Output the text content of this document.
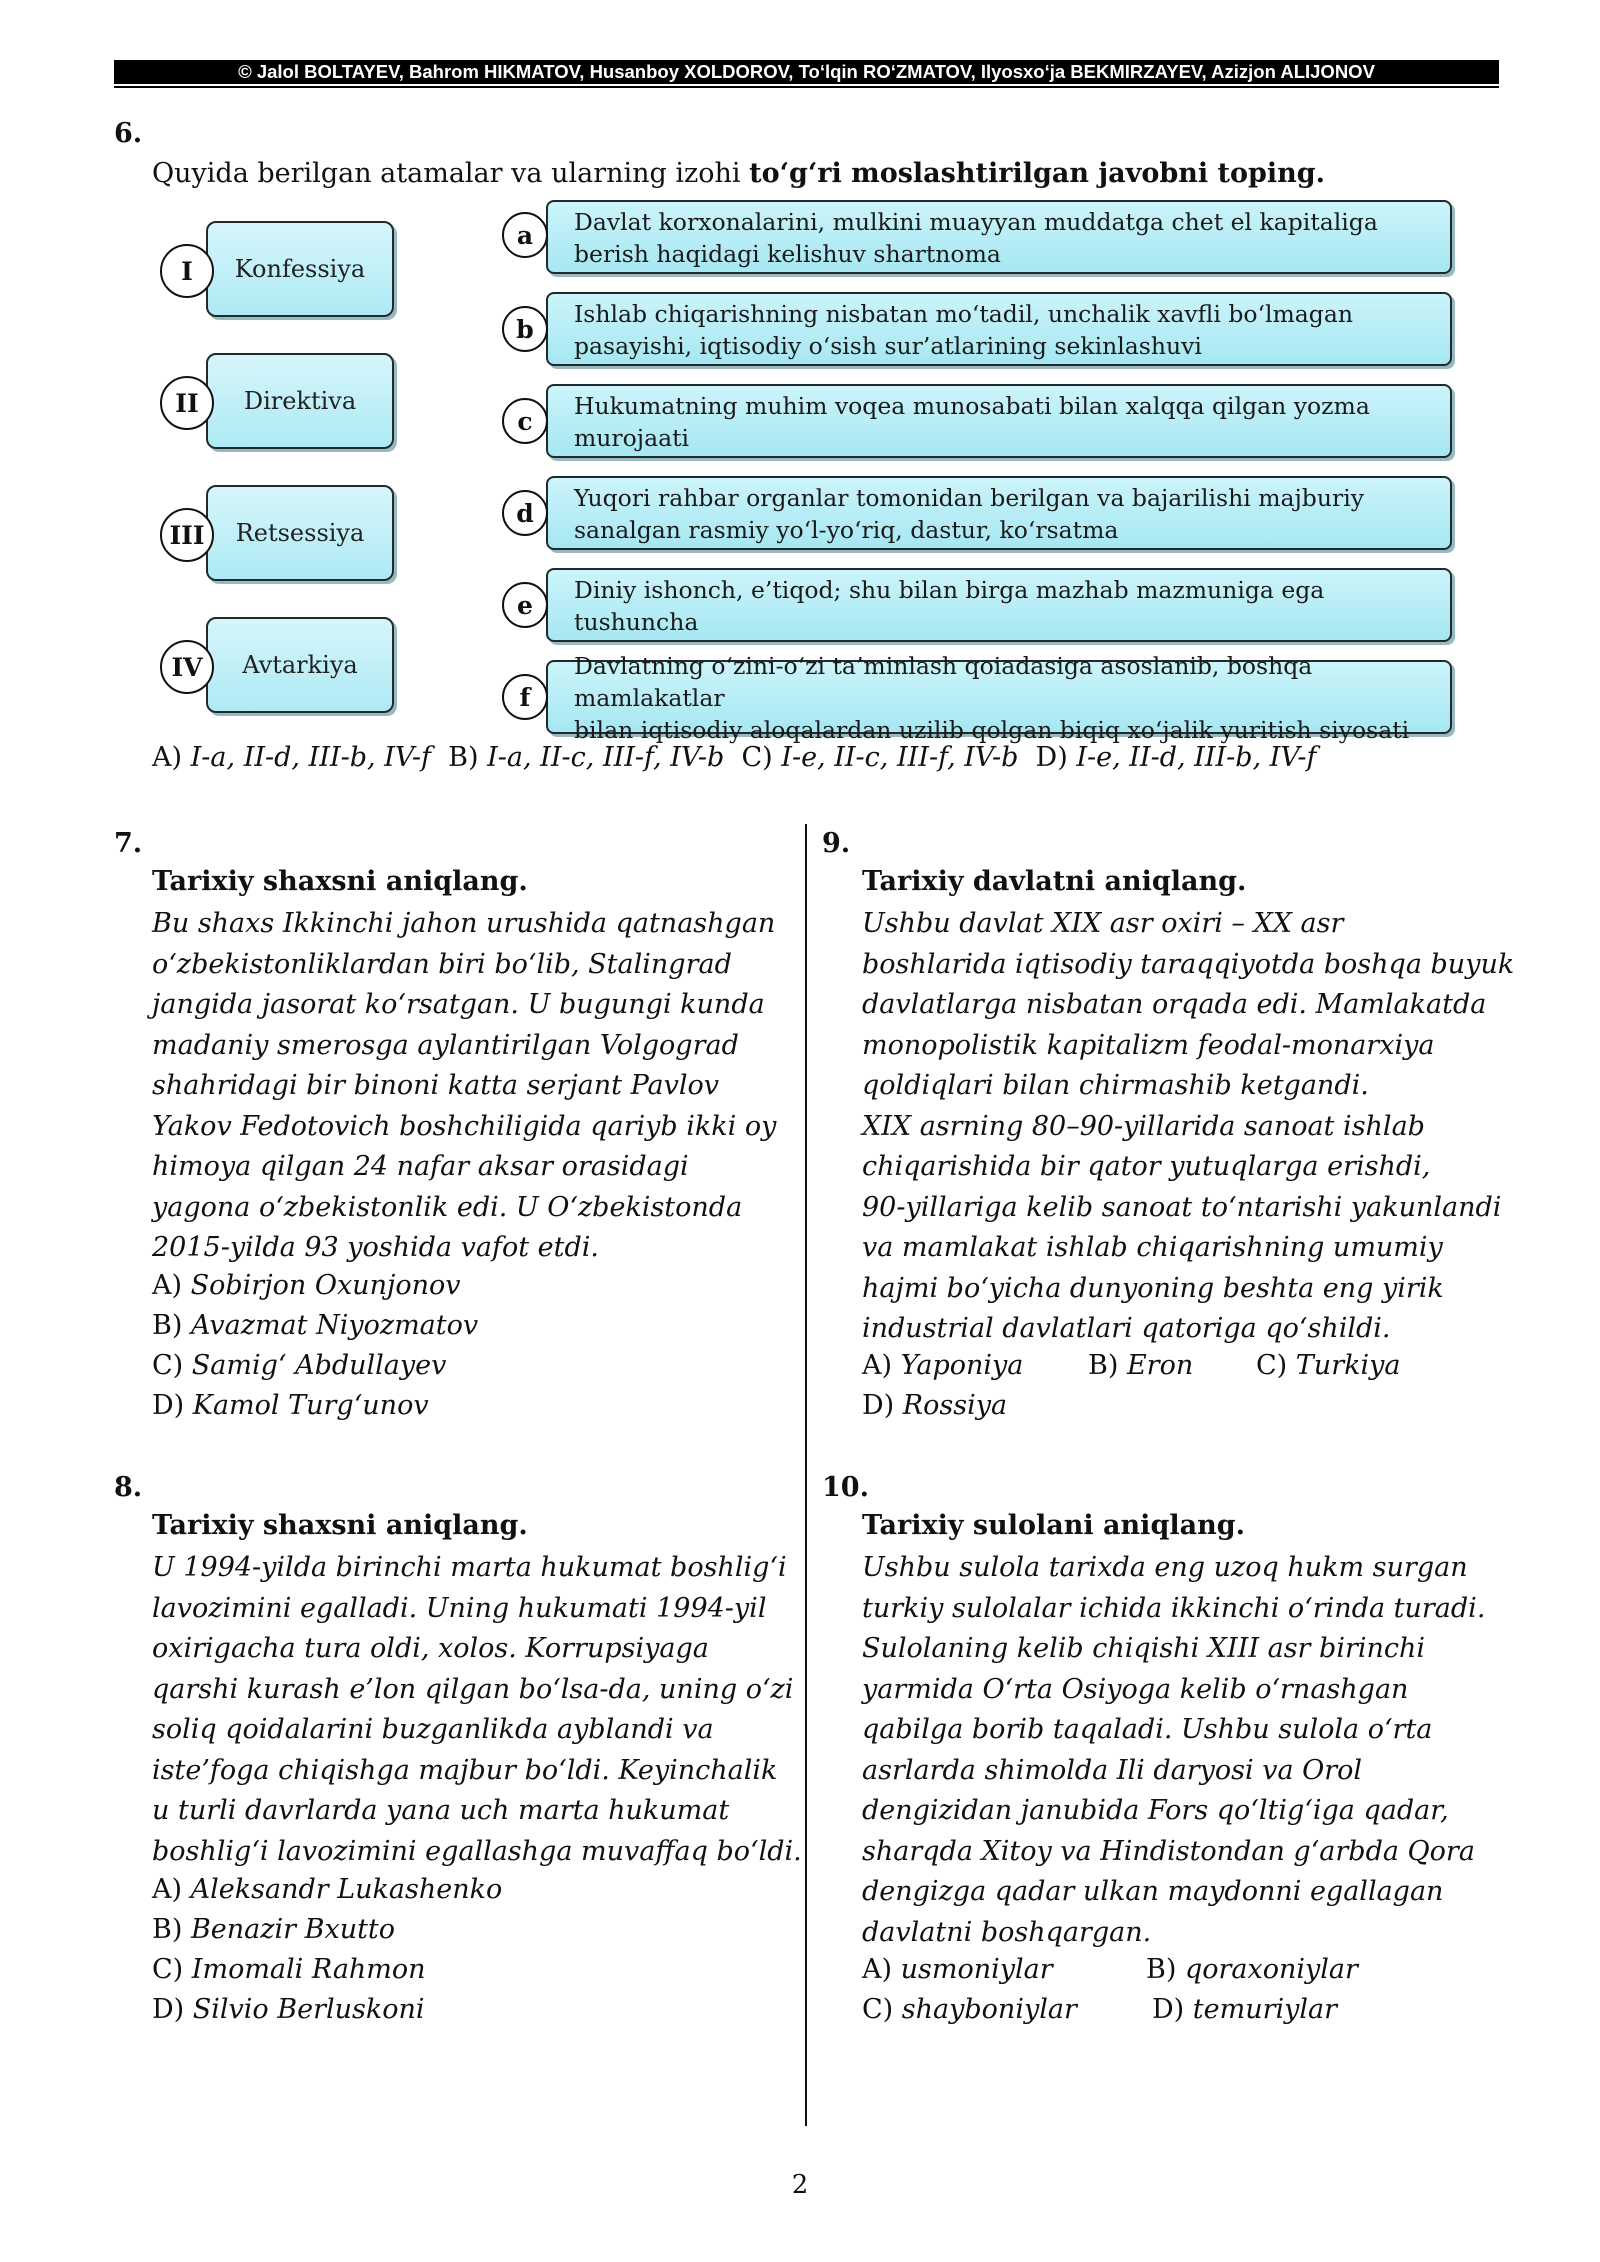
© Jalol BOLTAYEV, Bahrom HIKMATOV, Husanboy XOLDOROV, To‘lqin RO‘ZMATOV, Ilyosxo‘ja BEKMIRZAYEV, Azizjon ALIJONOV
6.
Quyida berilgan atamalar va ularning izohi to‘g‘ri moslashtirilgan javobni toping.
Konfessiya
I
Direktiva
II
Retsessiya
III
Avtarkiya
IV
Davlat korxonalarini, mulkini muayyan muddatga chet el kapitaliga
berish haqidagi kelishuv shartnoma
a
Ishlab chiqarishning nisbatan mo‘tadil, unchalik xavfli bo‘lmagan
pasayishi, iqtisodiy o‘sish sur’atlarining sekinlashuvi
b
Hukumatning muhim voqea munosabati bilan xalqqa qilgan yozma
murojaati
c
Yuqori rahbar organlar tomonidan berilgan va bajarilishi majburiy
sanalgan rasmiy yo‘l-yo‘riq, dastur, ko‘rsatma
d
Diniy ishonch, e’tiqod; shu bilan birga mazhab mazmuniga ega tushuncha
e
Davlatning o‘zini-o‘zi ta’minlash qoiadasiga asoslanib, boshqa mamlakatlar
bilan iqtisodiy aloqalardan uzilib qolgan biqiq xo‘jalik yuritish siyosati
f
A) I-a, II-d, III-b, IV-f B) I-a, II-c, III-f, IV-b C) I-e, II-c, III-f, IV-b D) I-e, II-d, III-b, IV-f
7.
Tarixiy shaxsni aniqlang.
Bu shaxs Ikkinchi jahon urushida qatnashgan
o‘zbekistonliklardan biri bo‘lib, Stalingrad
jangida jasorat ko‘rsatgan. U bugungi kunda
madaniy smerosga aylantirilgan Volgograd
shahridagi bir binoni katta serjant Pavlov
Yakov Fedotovich boshchiligida qariyb ikki oy
himoya qilgan 24 nafar aksar orasidagi
yagona o‘zbekistonlik edi. U O‘zbekistonda
2015-yilda 93 yoshida vafot etdi.
A) Sobirjon Oxunjonov
B) Avazmat Niyozmatov
C) Samig‘ Abdullayev
D) Kamol Turg‘unov
8.
Tarixiy shaxsni aniqlang.
U 1994-yilda birinchi marta hukumat boshlig‘i
lavozimini egalladi. Uning hukumati 1994-yil
oxirigacha tura oldi, xolos. Korrupsiyaga
qarshi kurash e’lon qilgan bo‘lsa-da, uning o‘zi
soliq qoidalarini buzganlikda ayblandi va
iste’foga chiqishga majbur bo‘ldi. Keyinchalik
u turli davrlarda yana uch marta hukumat
boshlig‘i lavozimini egallashga muvaffaq bo‘ldi.
A) Aleksandr Lukashenko
B) Benazir Bxutto
C) Imomali Rahmon
D) Silvio Berluskoni
9.
Tarixiy davlatni aniqlang.
Ushbu davlat XIX asr oxiri – XX asr
boshlarida iqtisodiy taraqqiyotda boshqa buyuk
davlatlarga nisbatan orqada edi. Mamlakatda
monopolistik kapitalizm feodal-monarxiya
qoldiqlari bilan chirmashib ketgandi.
XIX asrning 80–90-yillarida sanoat ishlab
chiqarishida bir qator yutuqlarga erishdi,
90-yillariga kelib sanoat to‘ntarishi yakunlandi
va mamlakat ishlab chiqarishning umumiy
hajmi bo‘yicha dunyoning beshta eng yirik
industrial davlatlari qatoriga qo‘shildi.
A) Yaponiya B) Eron C) Turkiya
D) Rossiya
10.
Tarixiy sulolani aniqlang.
Ushbu sulola tarixda eng uzoq hukm surgan
turkiy sulolalar ichida ikkinchi o‘rinda turadi.
Sulolaning kelib chiqishi XIII asr birinchi
yarmida O‘rta Osiyoga kelib o‘rnashgan
qabilga borib taqaladi. Ushbu sulola o‘rta
asrlarda shimolda Ili daryosi va Orol
dengizidan janubida Fors qo‘ltig‘iga qadar,
sharqda Xitoy va Hindistondan g‘arbda Qora
dengizga qadar ulkan maydonni egallagan
davlatni boshqargan.
A) usmoniylar	B) qoraxoniylar
C) shayboniylar	D) temuriylar
2
